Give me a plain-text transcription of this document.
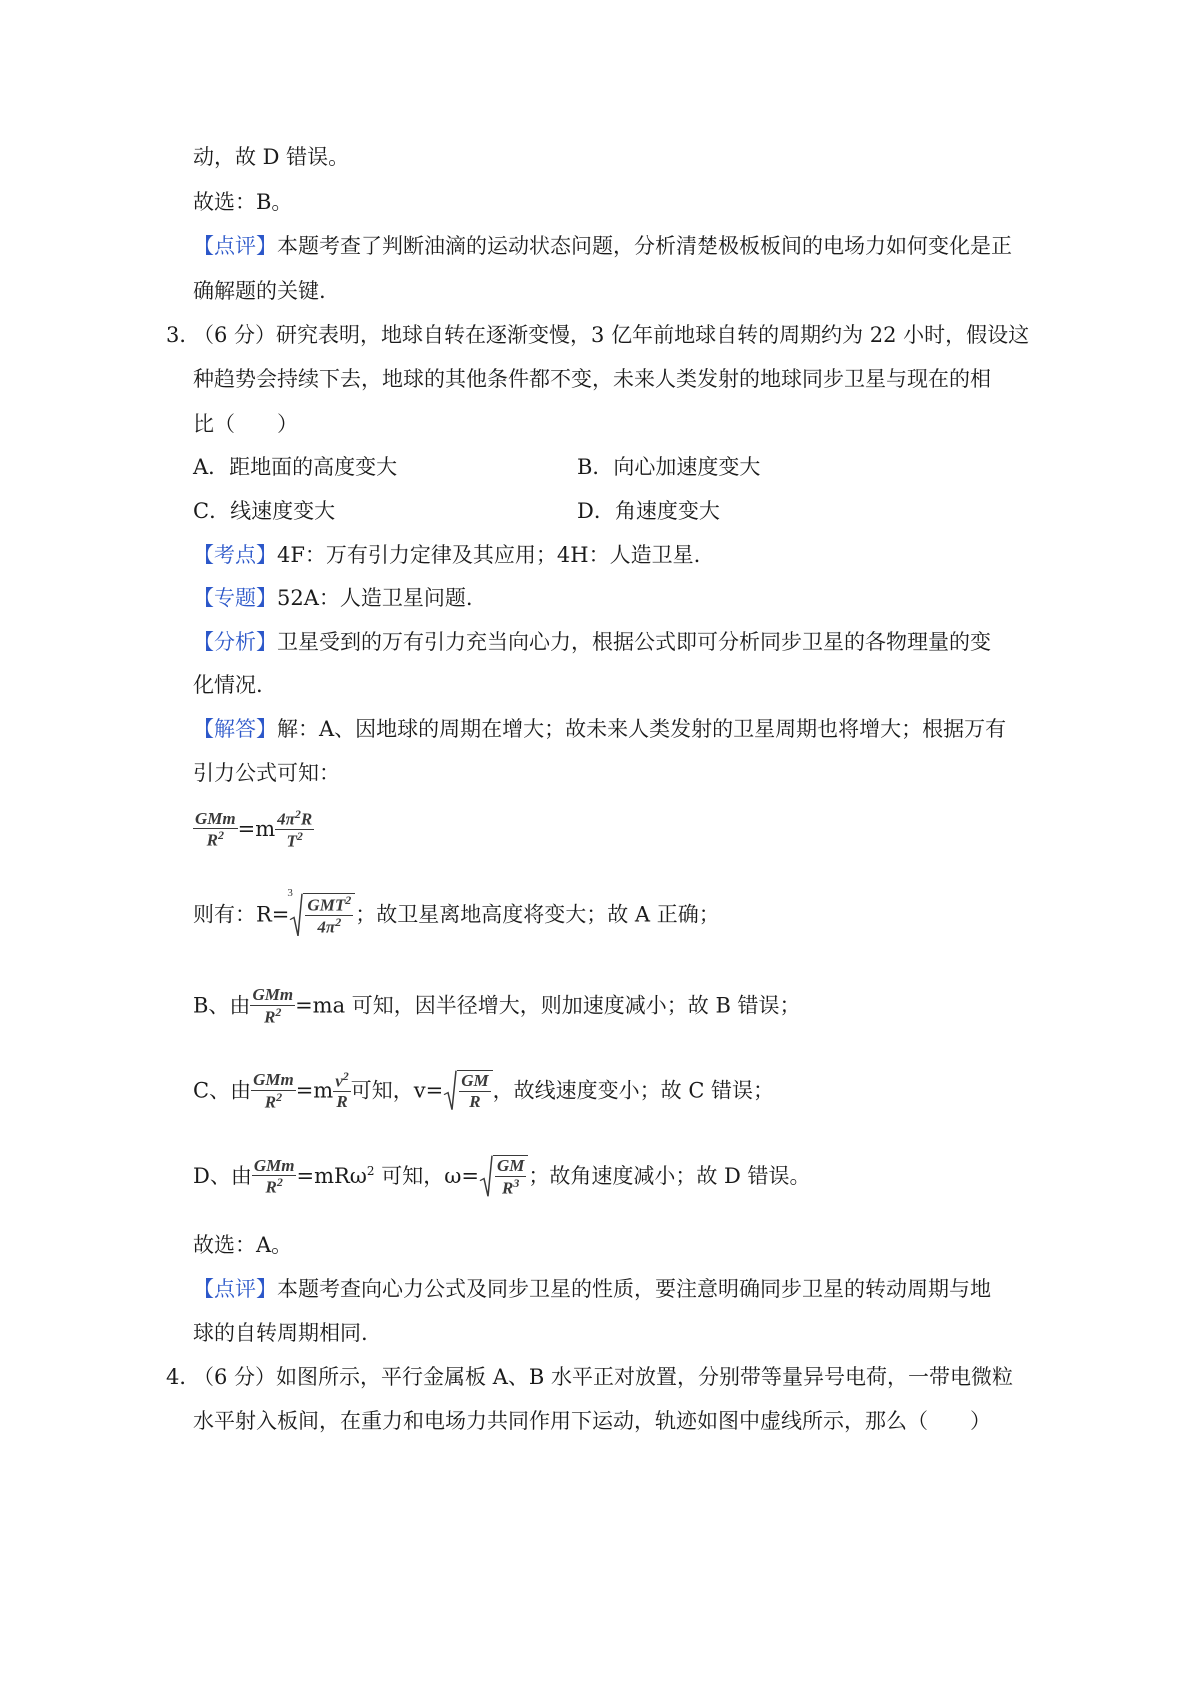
动，故 D 错误。
故选：B。
【点评】本题考查了判断油滴的运动状态问题，分析清楚极板板间的电场力如何变化是正
确解题的关键.
3．
（6 分）研究表明，地球自转在逐渐变慢，3 亿年前地球自转的周期约为 22 小时，假设这
种趋势会持续下去，地球的其他条件都不变，未来人类发射的地球同步卫星与现在的相
比（　　）
A．距地面的高度变大	B．向心加速度变大
C．线速度变大	D．角速度变大
【考点】4F：万有引力定律及其应用；4H：人造卫星.
【专题】52A：人造卫星问题.
【分析】卫星受到的万有引力充当向心力，根据公式即可分析同步卫星的各物理量的变
化情况.
【解答】解：A、因地球的周期在增大；故未来人类发射的卫星周期也将增大；根据万有
引力公式可知：
$\frac{\text{GMm}}{R^2} =m \frac{4\pi^2R}{T^2}$
则有：R=
3
$\frac{GMT^2}{4\pi^2}$ ；故卫星离地高度将变大；故 A 正确；
B、由 $\frac{\text{GMm}}{R^2} =ma$ 可知，因半径增大，则加速度减小；故 B 错误；
C、由 $\frac{\text{GMm}}{R^2} =m \frac{v^2}{R}$ 可知，$v= \frac{GM}{R}$ ，故线速度变小；故 C 错误；
D、由 $\frac{\text{GMm}}{R^2} =mR\omega^2$ 可知，$\omega= \frac{GM}{R^3}$ ；故角速度减小；故 D 错误。
故选：A。
【点评】本题考查向心力公式及同步卫星的性质，要注意明确同步卫星的转动周期与地
球的自转周期相同.
4．
（6 分）如图所示，平行金属板 A、B 水平正对放置，分别带等量异号电荷，一带电微粒
水平射入板间，在重力和电场力共同作用下运动，轨迹如图中虚线所示，那么（　　）
